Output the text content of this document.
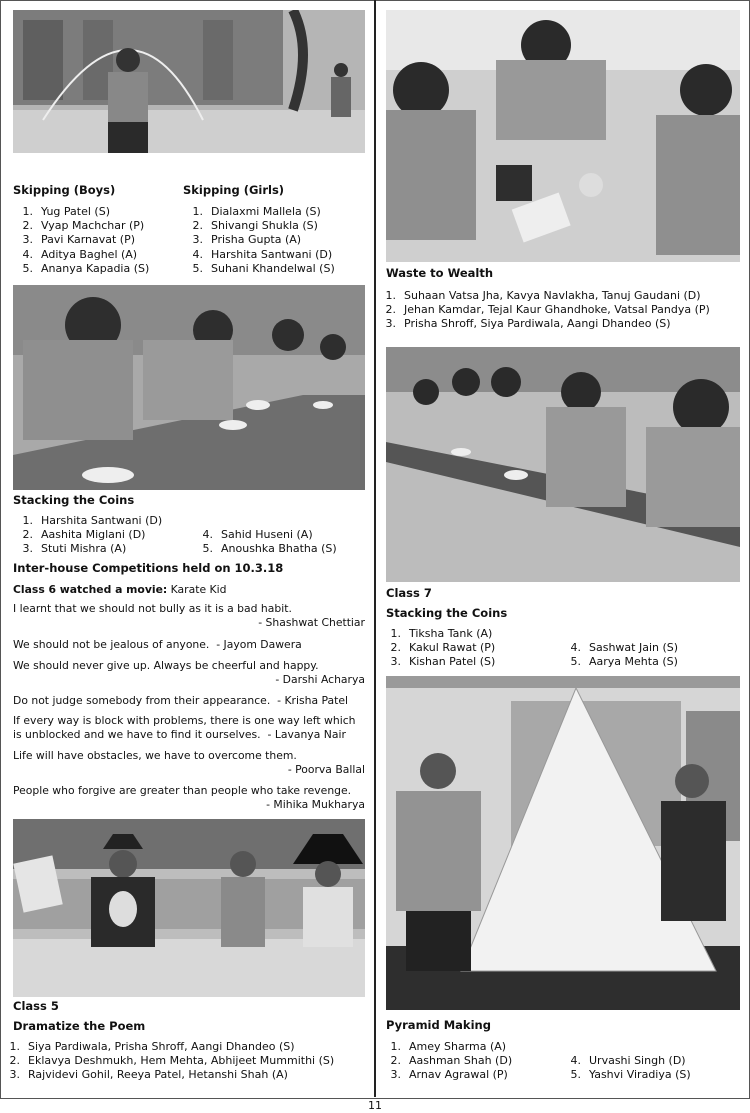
Skipping (Boys)

1. Yug Patel (S)
2. Vyap Machchar (P)
3. Pavi Karnavat (P)
4. Aditya Baghel (A)
5. Ananya Kapadia (S)

Skipping (Girls)

1. Dialaxmi Mallela (S)
2. Shivangi Shukla (S)
3. Prisha Gupta (A)
4. Harshita Santwani (D)
5. Suhani Khandelwal (S)

Stacking the Coins

1. Harshita Santwani (D)
2. Aashita Miglani (D)
3. Stuti Mishra (A)
4. Sahid Huseni (A)
5. Anoushka Bhatha (S)

Inter-house Competitions held on 10.3.18

Class 6 watched a movie: Karate Kid

I learnt that we should not bully as it is a bad habit.
- Shashwat Chettiar
We should not be jealous of anyone. - Jayom Dawera
We should never give up. Always be cheerful and happy.
- Darshi Acharya
Do not judge somebody from their appearance. - Krisha Patel
If every way is block with problems, there is one way left which is unblocked and we have to find it ourselves. - Lavanya Nair
Life will have obstacles, we have to overcome them.
- Poorva Ballal
People who forgive are greater than people who take revenge.
- Mihika Mukharya

Class 5

Dramatize the Poem

1. Siya Pardiwala, Prisha Shroff, Aangi Dhandeo (S)
2. Eklavya Deshmukh, Hem Mehta, Abhijeet Mummithi (S)
3. Rajvidevi Gohil, Reeya Patel, Hetanshi Shah (A)

Waste to Wealth

1. Suhaan Vatsa Jha, Kavya Navlakha, Tanuj Gaudani (D)
2. Jehan Kamdar, Tejal Kaur Ghandhoke, Vatsal Pandya (P)
3. Prisha Shroff, Siya Pardiwala, Aangi Dhandeo (S)

Class 7

Stacking the Coins

1. Tiksha Tank (A)
2. Kakul Rawat (P)
3. Kishan Patel (S)
4. Sashwat Jain (S)
5. Aarya Mehta (S)

Pyramid Making

1. Amey Sharma (A)
2. Aashman Shah (D)
3. Arnav Agrawal (P)
4. Urvashi Singh (D)
5. Yashvi Viradiya (S)
11
